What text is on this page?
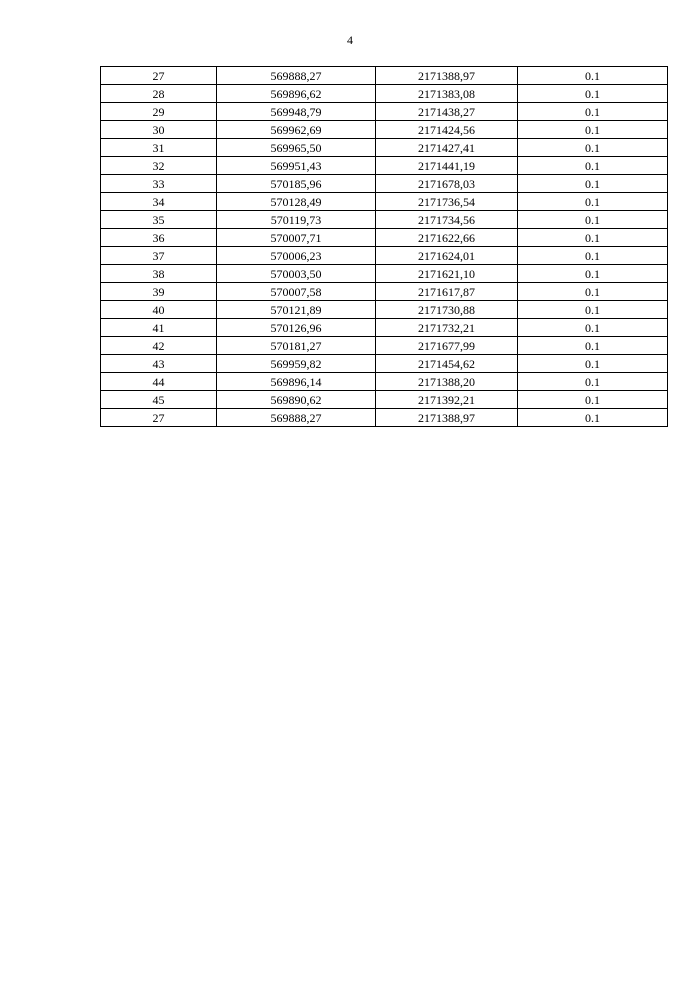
4
27	569888,27	2171388,97	0.1
28	569896,62	2171383,08	0.1
29	569948,79	2171438,27	0.1
30	569962,69	2171424,56	0.1
31	569965,50	2171427,41	0.1
32	569951,43	2171441,19	0.1
33	570185,96	2171678,03	0.1
34	570128,49	2171736,54	0.1
35	570119,73	2171734,56	0.1
36	570007,71	2171622,66	0.1
37	570006,23	2171624,01	0.1
38	570003,50	2171621,10	0.1
39	570007,58	2171617,87	0.1
40	570121,89	2171730,88	0.1
41	570126,96	2171732,21	0.1
42	570181,27	2171677,99	0.1
43	569959,82	2171454,62	0.1
44	569896,14	2171388,20	0.1
45	569890,62	2171392,21	0.1
27	569888,27	2171388,97	0.1
